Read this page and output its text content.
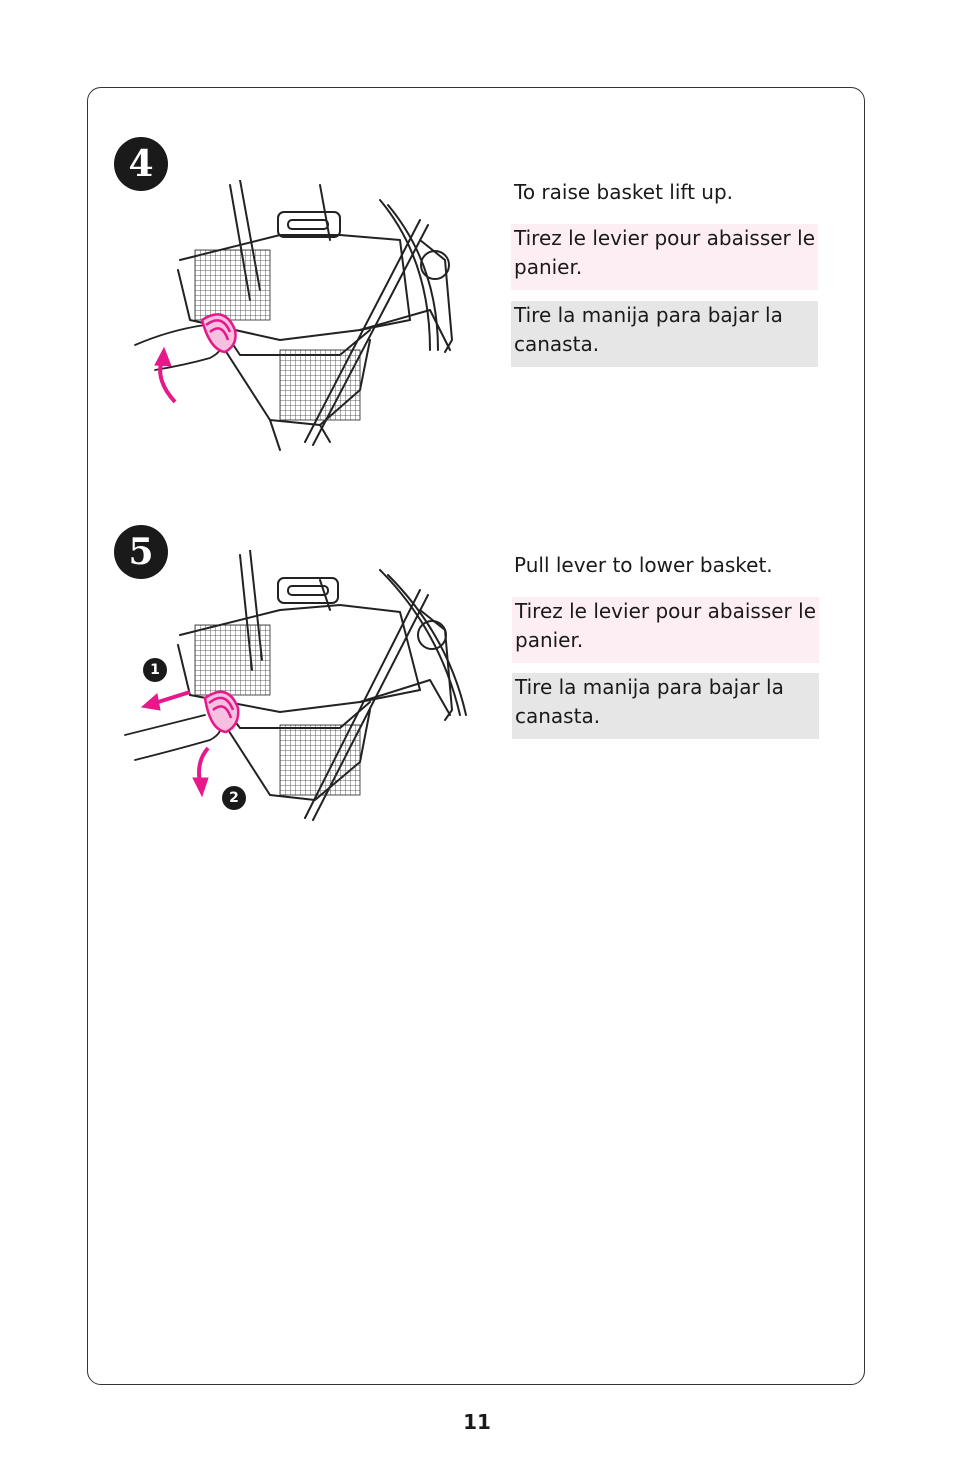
4
To raise basket lift up.
Tirez le levier pour abaisser le panier.
Tire la manija para bajar la canasta.
5
1
2
Pull lever to lower basket.
Tirez le levier pour abaisser le panier.
Tire la manija para bajar la canasta.
11
